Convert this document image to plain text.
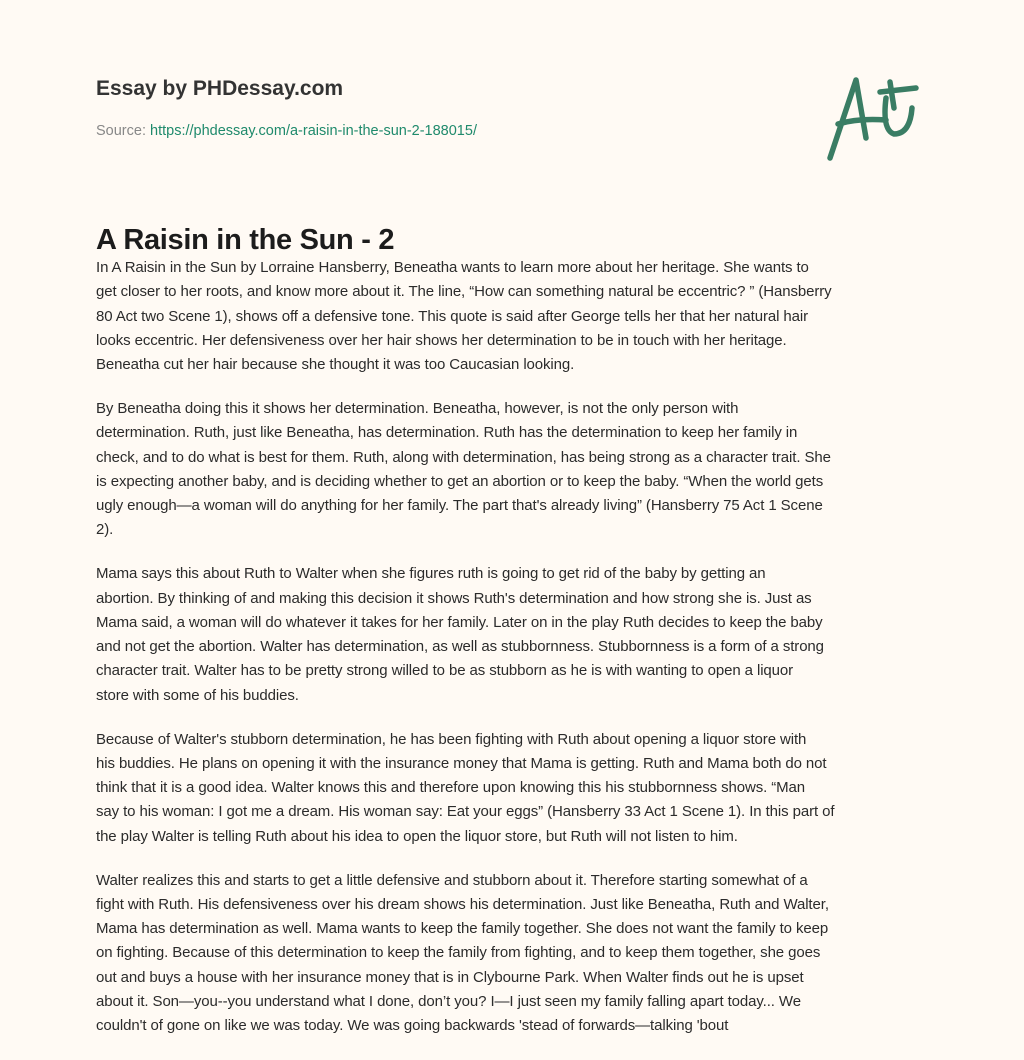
Essay by PHDessay.com
Source: https://phdessay.com/a-raisin-in-the-sun-2-188015/
A Raisin in the Sun - 2

In A Raisin in the Sun by Lorraine Hansberry, Beneatha wants to learn more about her heritage. She wants to
get closer to her roots, and know more about it. The line, “How can something natural be eccentric? ” (Hansberry
80 Act two Scene 1), shows off a defensive tone. This quote is said after George tells her that her natural hair
looks eccentric. Her defensiveness over her hair shows her determination to be in touch with her heritage.
Beneatha cut her hair because she thought it was too Caucasian looking.

By Beneatha doing this it shows her determination. Beneatha, however, is not the only person with
determination. Ruth, just like Beneatha, has determination. Ruth has the determination to keep her family in
check, and to do what is best for them. Ruth, along with determination, has being strong as a character trait. She
is expecting another baby, and is deciding whether to get an abortion or to keep the baby. “When the world gets
ugly enough—a woman will do anything for her family. The part that's already living” (Hansberry 75 Act 1 Scene
2).

Mama says this about Ruth to Walter when she figures ruth is going to get rid of the baby by getting an
abortion. By thinking of and making this decision it shows Ruth's determination and how strong she is. Just as
Mama said, a woman will do whatever it takes for her family. Later on in the play Ruth decides to keep the baby
and not get the abortion. Walter has determination, as well as stubbornness. Stubbornness is a form of a strong
character trait. Walter has to be pretty strong willed to be as stubborn as he is with wanting to open a liquor
store with some of his buddies.

Because of Walter's stubborn determination, he has been fighting with Ruth about opening a liquor store with
his buddies. He plans on opening it with the insurance money that Mama is getting. Ruth and Mama both do not
think that it is a good idea. Walter knows this and therefore upon knowing this his stubbornness shows. “Man
say to his woman: I got me a dream. His woman say: Eat your eggs” (Hansberry 33 Act 1 Scene 1). In this part of
the play Walter is telling Ruth about his idea to open the liquor store, but Ruth will not listen to him.

Walter realizes this and starts to get a little defensive and stubborn about it. Therefore starting somewhat of a
fight with Ruth. His defensiveness over his dream shows his determination. Just like Beneatha, Ruth and Walter,
Mama has determination as well. Mama wants to keep the family together. She does not want the family to keep
on fighting. Because of this determination to keep the family from fighting, and to keep them together, she goes
out and buys a house with her insurance money that is in Clybourne Park. When Walter finds out he is upset
about it. Son—you--you understand what I done, don’t you? I—I just seen my family falling apart today... We
couldn't of gone on like we was today. We was going backwards 'stead of forwards—talking 'bout
